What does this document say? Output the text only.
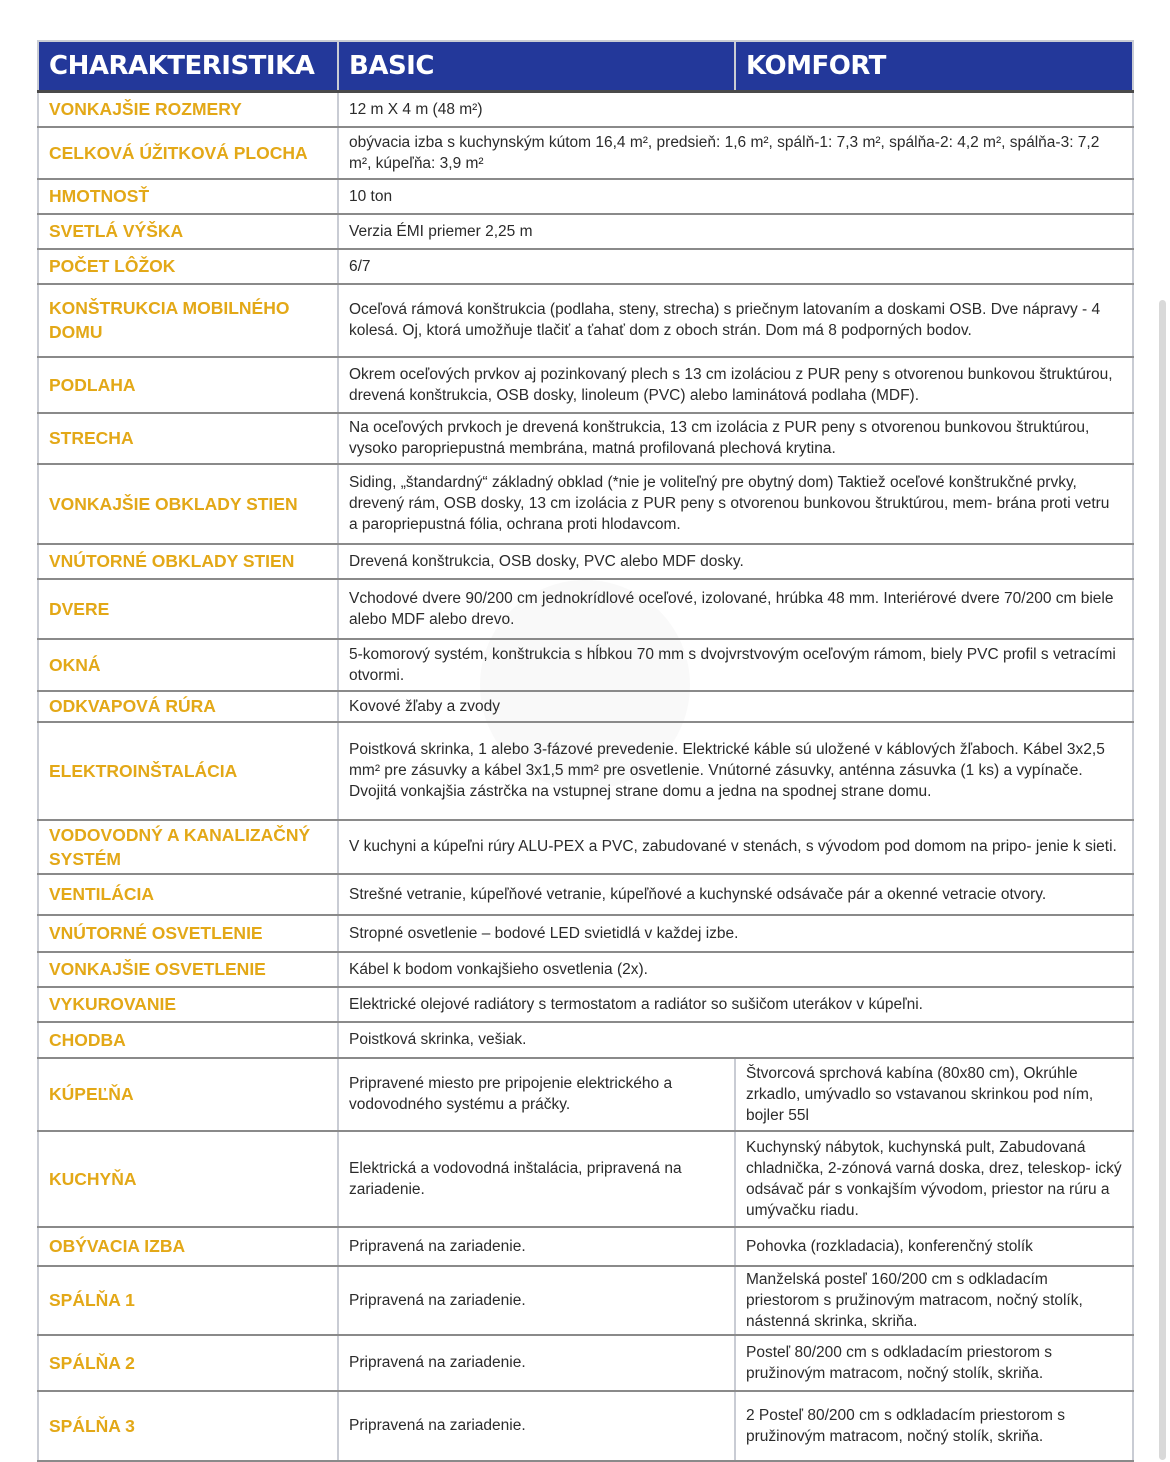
CHARAKTERISTIKA	BASIC	KOMFORT
VONKAJŠIE ROZMERY	12 m X 4 m (48 m²)	
CELKOVÁ ÚŽITKOVÁ PLOCHA	obývacia izba s kuchynským kútom 16,4 m², predsieň: 1,6 m², spálň-1: 7,3 m², spálňa-2: 4,2 m², spálňa-3: 7,2 m², kúpeľňa: 3,9 m²	
HMOTNOSŤ	10 ton	
SVETLÁ VÝŠKA	Verzia ÉMI priemer 2,25 m	
POČET LÔŽOK	6/7	
KONŠTRUKCIA MOBILNÉHO DOMU	Oceľová rámová konštrukcia (podlaha, steny, strecha) s priečnym latovaním a doskami OSB. Dve nápravy - 4 kolesá. Oj, ktorá umožňuje tlačiť a ťahať dom z oboch strán. Dom má 8 podporných bodov.	
PODLAHA	Okrem oceľových prvkov aj pozinkovaný plech s 13 cm izoláciou z PUR peny s otvorenou bunkovou štruktúrou, drevená konštrukcia, OSB dosky, linoleum (PVC) alebo laminátová podlaha (MDF).	
STRECHA	Na oceľových prvkoch je drevená konštrukcia, 13 cm izolácia z PUR peny s otvorenou bunkovou štruktúrou, vysoko paropriepustná membrána, matná profilovaná plechová krytina.	
VONKAJŠIE OBKLADY STIEN	Siding, „štandardný“ základný obklad (*nie je voliteľný pre obytný dom) Taktiež oceľové konštrukčné prvky, drevený rám, OSB dosky, 13 cm izolácia z PUR peny s otvorenou bunkovou štruktúrou, mem- brána proti vetru a paropriepustná fólia, ochrana proti hlodavcom.	
VNÚTORNÉ OBKLADY STIEN	Drevená konštrukcia, OSB dosky, PVC alebo MDF dosky.	
DVERE	Vchodové dvere 90/200 cm jednokrídlové oceľové, izolované, hrúbka 48 mm. Interiérové dvere 70/200 cm biele alebo MDF alebo drevo.	
OKNÁ	5-komorový systém, konštrukcia s hĺbkou 70 mm s dvojvrstvovým oceľovým rámom, biely PVC profil s vetracími otvormi.	
ODKVAPOVÁ RÚRA	Kovové žľaby a zvody	
ELEKTROINŠTALÁCIA	Poistková skrinka, 1 alebo 3-fázové prevedenie. Elektrické káble sú uložené v káblových žľaboch. Kábel 3x2,5 mm² pre zásuvky a kábel 3x1,5 mm² pre osvetlenie. Vnútorné zásuvky, anténna zásuvka (1 ks) a vypínače. Dvojitá vonkajšia zástrčka na vstupnej strane domu a jedna na spodnej strane domu.	
VODOVODNÝ A KANALIZAČNÝ SYSTÉM	V kuchyni a kúpeľni rúry ALU-PEX a PVC, zabudované v stenách, s vývodom pod domom na pripo- jenie k sieti.	
VENTILÁCIA	Strešné vetranie, kúpeľňové vetranie, kúpeľňové a kuchynské odsávače pár a okenné vetracie otvory.	
VNÚTORNÉ OSVETLENIE	Stropné osvetlenie – bodové LED svietidlá v každej izbe.	
VONKAJŠIE OSVETLENIE	Kábel k bodom vonkajšieho osvetlenia (2x).	
VYKUROVANIE	Elektrické olejové radiátory s termostatom a radiátor so sušičom uterákov v kúpeľni.	
CHODBA	Poistková skrinka, vešiak.	
KÚPEĽŇA	Pripravené miesto pre pripojenie elektrického a vodovodného systému a práčky.	Štvorcová sprchová kabína (80x80 cm), Okrúhle zrkadlo, umývadlo so vstavanou skrinkou pod ním, bojler 55l
KUCHYŇA	Elektrická a vodovodná inštalácia, pripravená na zariadenie.	Kuchynský nábytok, kuchynská pult, Zabudovaná chladnička, 2-zónová varná doska, drez, teleskop- ický odsávač pár s vonkajším vývodom, priestor na rúru a umývačku riadu.
OBÝVACIA IZBA	Pripravená na zariadenie.	Pohovka (rozkladacia), konferenčný stolík
SPÁLŇA 1	Pripravená na zariadenie.	Manželská posteľ 160/200 cm s odkladacím priestorom s pružinovým matracom, nočný stolík, nástenná skrinka, skriňa.
SPÁLŇA 2	Pripravená na zariadenie.	Posteľ 80/200 cm s odkladacím priestorom s pružinovým matracom, nočný stolík, skriňa.
SPÁLŇA 3	Pripravená na zariadenie.	2 Posteľ 80/200 cm s odkladacím priestorom s pružinovým matracom, nočný stolík, skriňa.
